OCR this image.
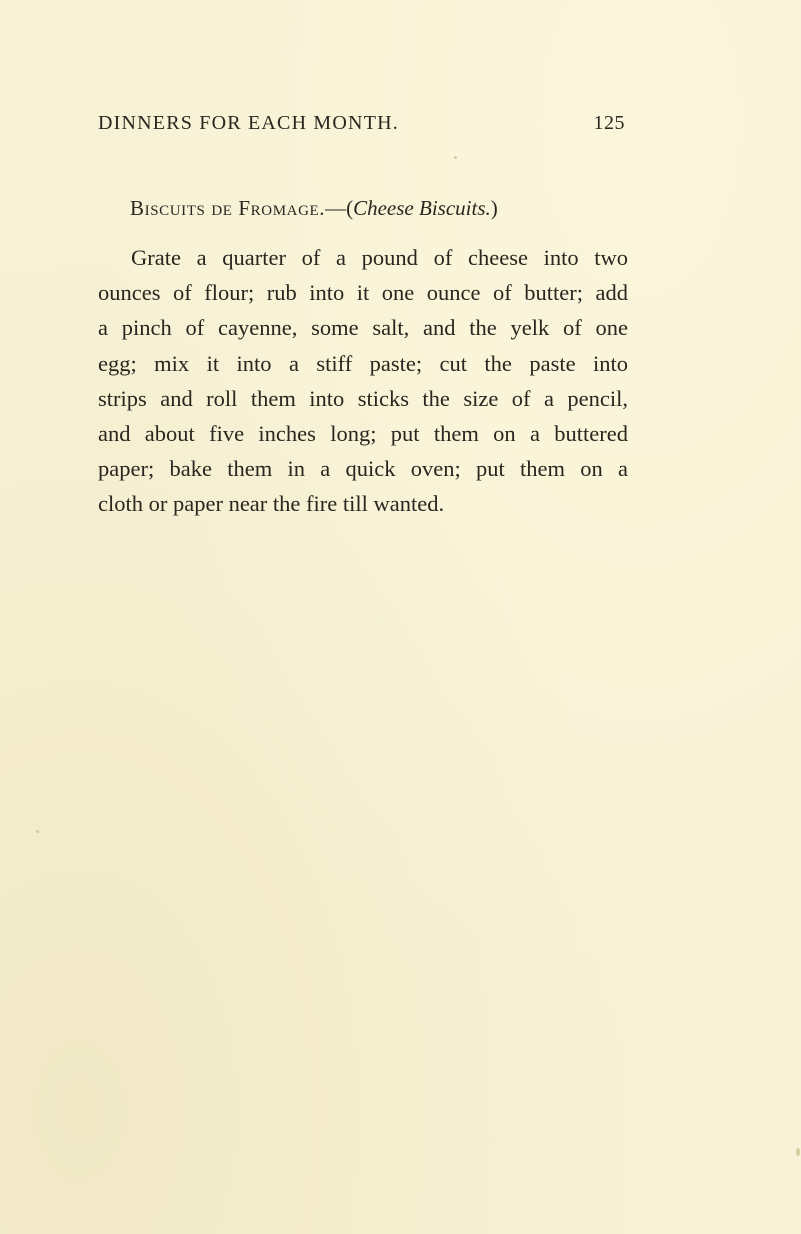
DINNERS FOR EACH MONTH.	125
Biscuits de Fromage.—(Cheese Biscuits.)
Grate a quarter of a pound of cheese into two
ounces of flour; rub into it one ounce of butter; add
a pinch of cayenne, some salt, and the yelk of one
egg; mix it into a stiff paste; cut the paste into
strips and roll them into sticks the size of a pencil,
and about five inches long; put them on a buttered
paper; bake them in a quick oven; put them on a
cloth or paper near the fire till wanted.
